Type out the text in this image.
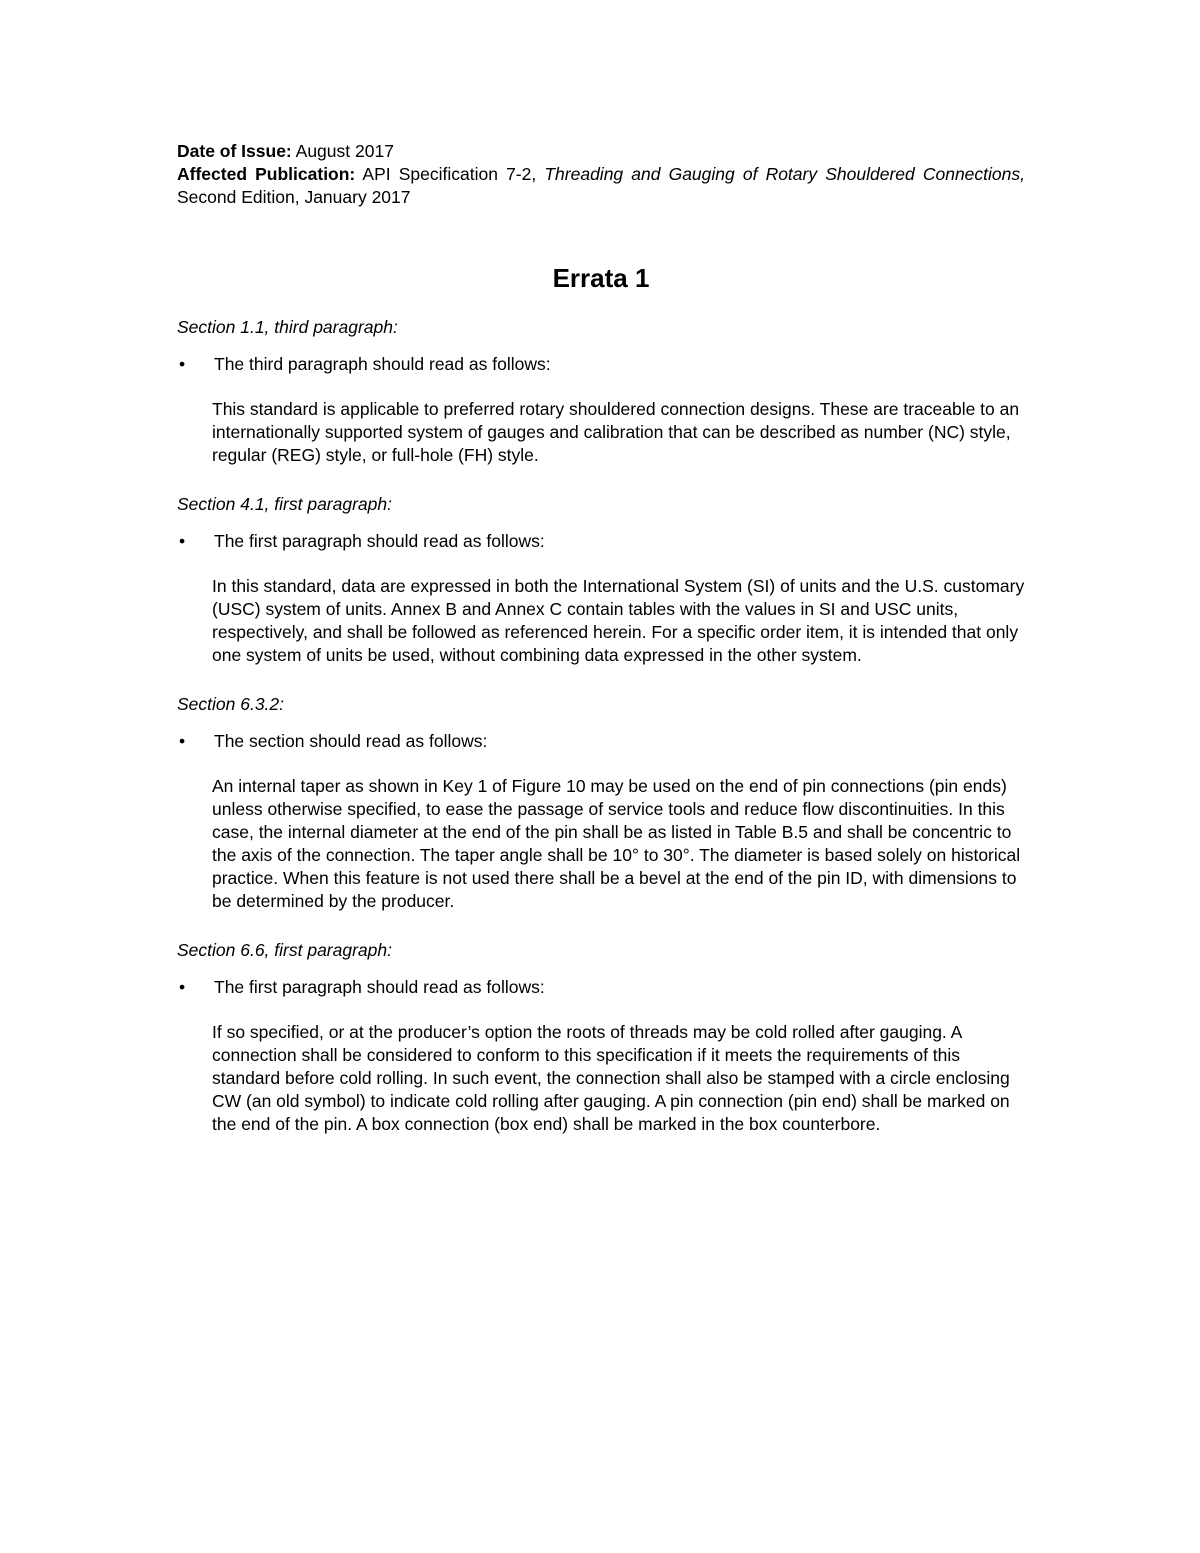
Date of Issue: August 2017

Affected Publication: API Specification 7-2, Threading and Gauging of Rotary Shouldered Connections, Second Edition, January 2017

Errata 1

Section 1.1, third paragraph:

•	The third paragraph should read as follows:

This standard is applicable to preferred rotary shouldered connection designs. These are traceable to an internationally supported system of gauges and calibration that can be described as number (NC) style, regular (REG) style, or full-hole (FH) style.

Section 4.1, first paragraph:

•	The first paragraph should read as follows:

In this standard, data are expressed in both the International System (SI) of units and the U.S. customary (USC) system of units. Annex B and Annex C contain tables with the values in SI and USC units, respectively, and shall be followed as referenced herein. For a specific order item, it is intended that only one system of units be used, without combining data expressed in the other system.

Section 6.3.2:

•	The section should read as follows:

An internal taper as shown in Key 1 of Figure 10 may be used on the end of pin connections (pin ends) unless otherwise specified, to ease the passage of service tools and reduce flow discontinuities. In this case, the internal diameter at the end of the pin shall be as listed in Table B.5 and shall be concentric to the axis of the connection. The taper angle shall be 10° to 30°. The diameter is based solely on historical practice. When this feature is not used there shall be a bevel at the end of the pin ID, with dimensions to be determined by the producer.

Section 6.6, first paragraph:

•	The first paragraph should read as follows:

If so specified, or at the producer’s option the roots of threads may be cold rolled after gauging. A connection shall be considered to conform to this specification if it meets the requirements of this standard before cold rolling. In such event, the connection shall also be stamped with a circle enclosing CW (an old symbol) to indicate cold rolling after gauging. A pin connection (pin end) shall be marked on the end of the pin. A box connection (box end) shall be marked in the box counterbore.
